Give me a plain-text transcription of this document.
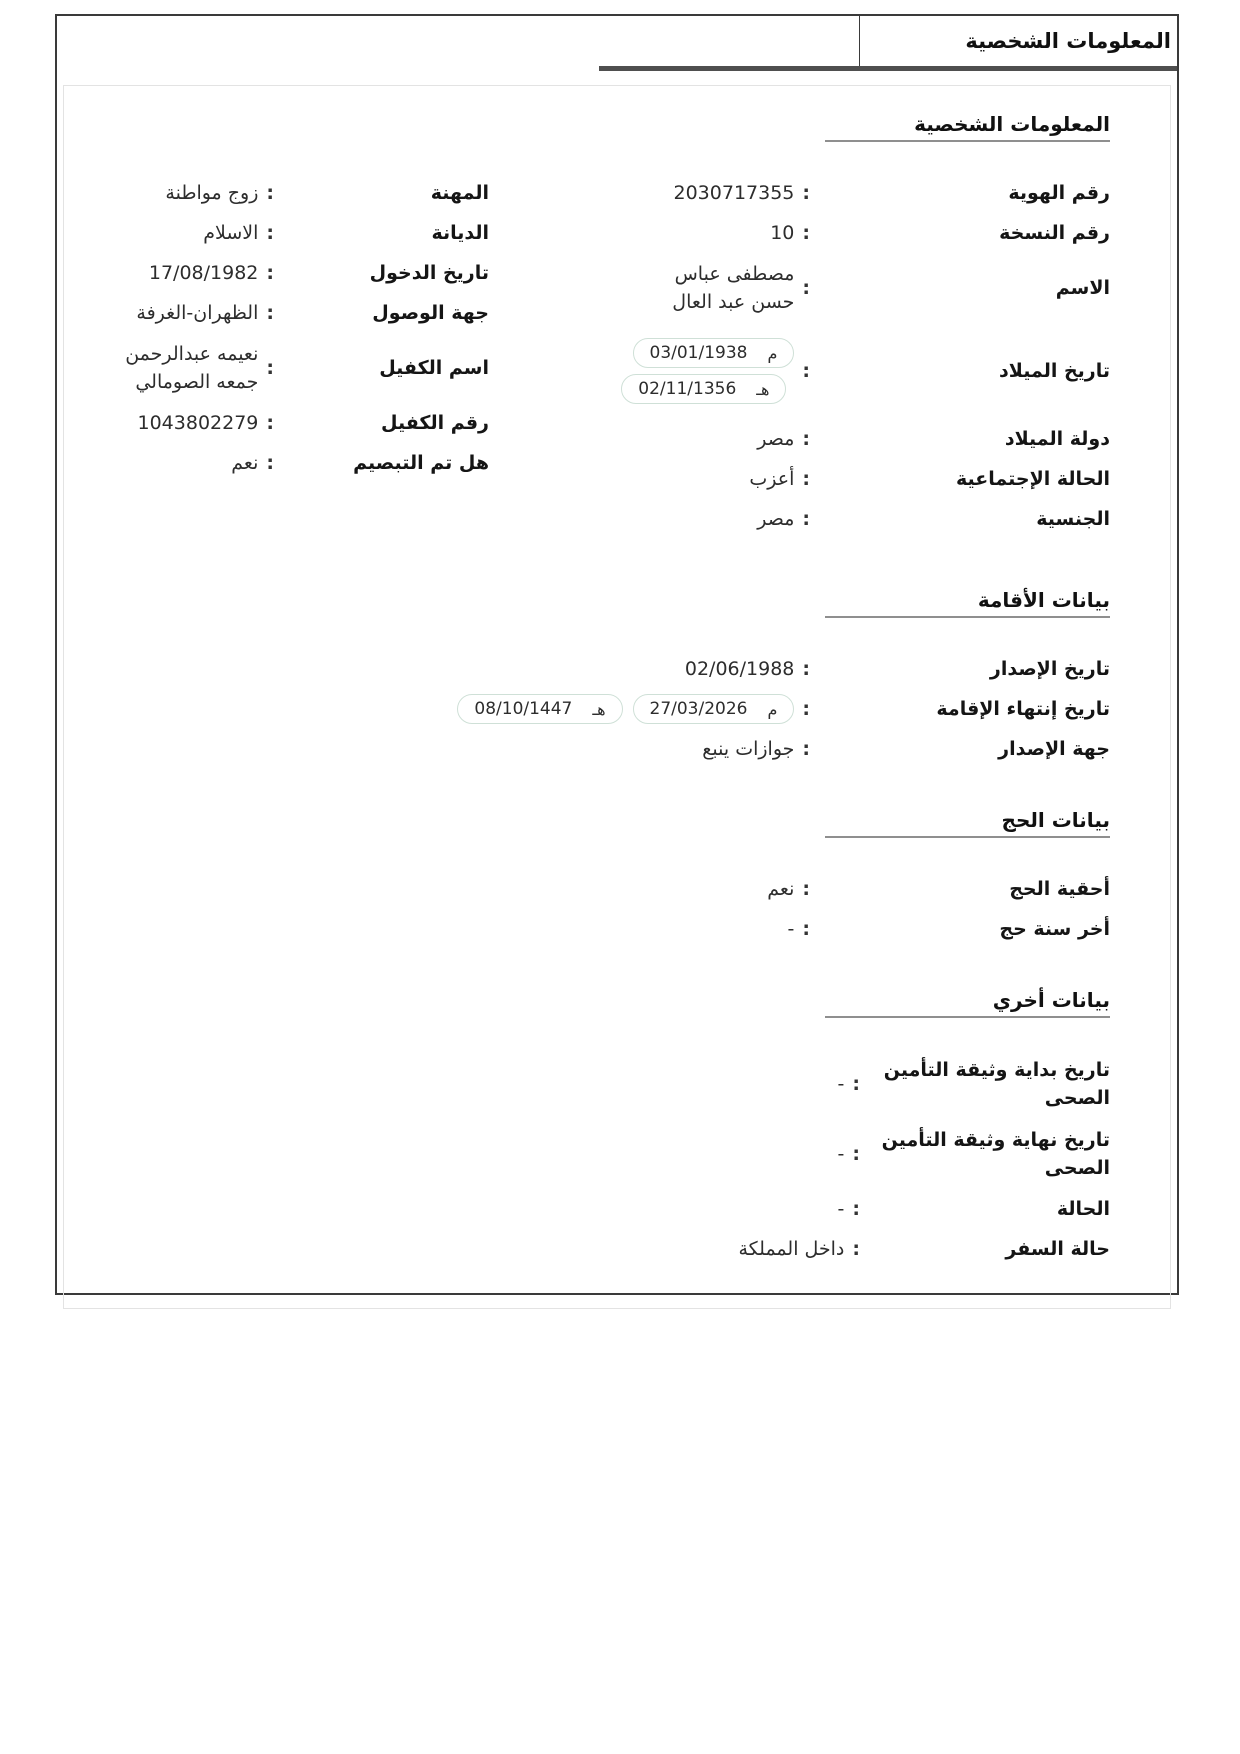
المعلومات الشخصية
المعلومات الشخصية
رقم الهوية
:
2030717355
رقم النسخة
:
10
الاسم
:
مصطفى عباس حسن عبد العال
تاريخ الميلاد
:
م
03/01/1938
هـ
02/11/1356
دولة الميلاد
:
مصر
الحالة الإجتماعية
:
أعزب
الجنسية
:
مصر
المهنة
:
زوج مواطنة
الديانة
:
الاسلام
تاريخ الدخول
:
17/08/1982
جهة الوصول
:
الظهران-الغرفة
اسم الكفيل
:
نعيمه عبدالرحمن جمعه الصومالي
رقم الكفيل
:
1043802279
هل تم التبصيم
:
نعم
بيانات الأقامة
تاريخ الإصدار
:
02/06/1988
تاريخ إنتهاء الإقامة
:
م
27/03/2026
هـ
08/10/1447
جهة الإصدار
:
جوازات ينبع
بيانات الحج
أحقية الحج
:
نعم
أخر سنة حج
:
-
بيانات أخري
تاريخ بداية وثيقة التأمين الصحى
:
-
تاريخ نهاية وثيقة التأمين الصحى
:
-
الحالة
:
-
حالة السفر
:
داخل المملكة
